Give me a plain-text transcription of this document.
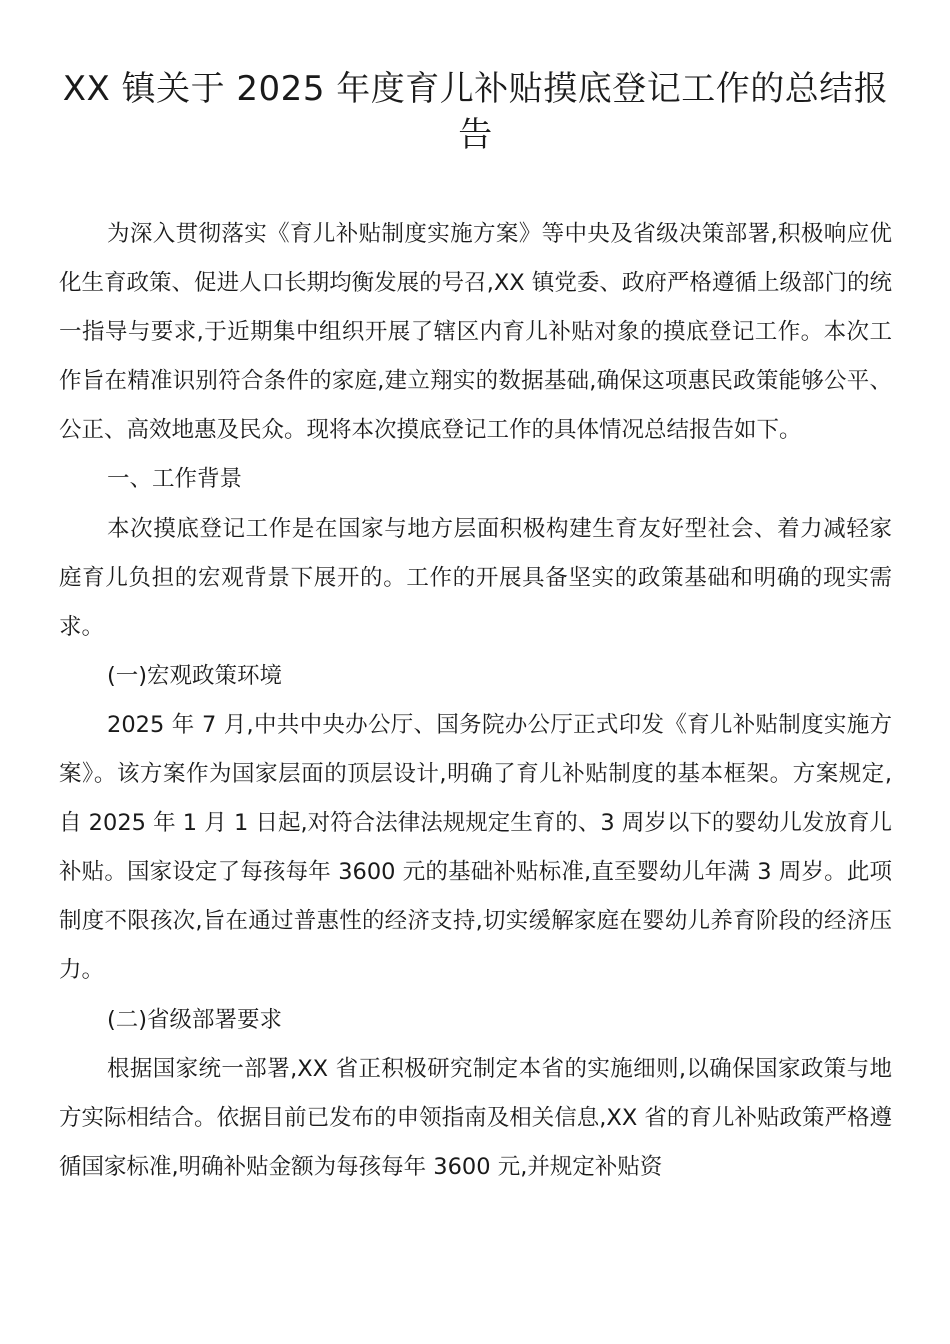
XX 镇关于 2025 年度育儿补贴摸底登记工作的总结报告

为深入贯彻落实《育儿补贴制度实施方案》等中央及省级决策部署,积极响应优化生育政策、促进人口长期均衡发展的号召,XX 镇党委、政府严格遵循上级部门的统一指导与要求,于近期集中组织开展了辖区内育儿补贴对象的摸底登记工作。本次工作旨在精准识别符合条件的家庭,建立翔实的数据基础,确保这项惠民政策能够公平、公正、高效地惠及民众。现将本次摸底登记工作的具体情况总结报告如下。

一、工作背景

本次摸底登记工作是在国家与地方层面积极构建生育友好型社会、着力减轻家庭育儿负担的宏观背景下展开的。工作的开展具备坚实的政策基础和明确的现实需求。

(一)宏观政策环境

2025 年 7 月,中共中央办公厅、国务院办公厅正式印发《育儿补贴制度实施方案》。该方案作为国家层面的顶层设计,明确了育儿补贴制度的基本框架。方案规定,自 2025 年 1 月 1 日起,对符合法律法规规定生育的、3 周岁以下的婴幼儿发放育儿补贴。国家设定了每孩每年 3600 元的基础补贴标准,直至婴幼儿年满 3 周岁。此项制度不限孩次,旨在通过普惠性的经济支持,切实缓解家庭在婴幼儿养育阶段的经济压力。

(二)省级部署要求

根据国家统一部署,XX 省正积极研究制定本省的实施细则,以确保国家政策与地方实际相结合。依据目前已发布的申领指南及相关信息,XX 省的育儿补贴政策严格遵循国家标准,明确补贴金额为每孩每年 3600 元,并规定补贴资
